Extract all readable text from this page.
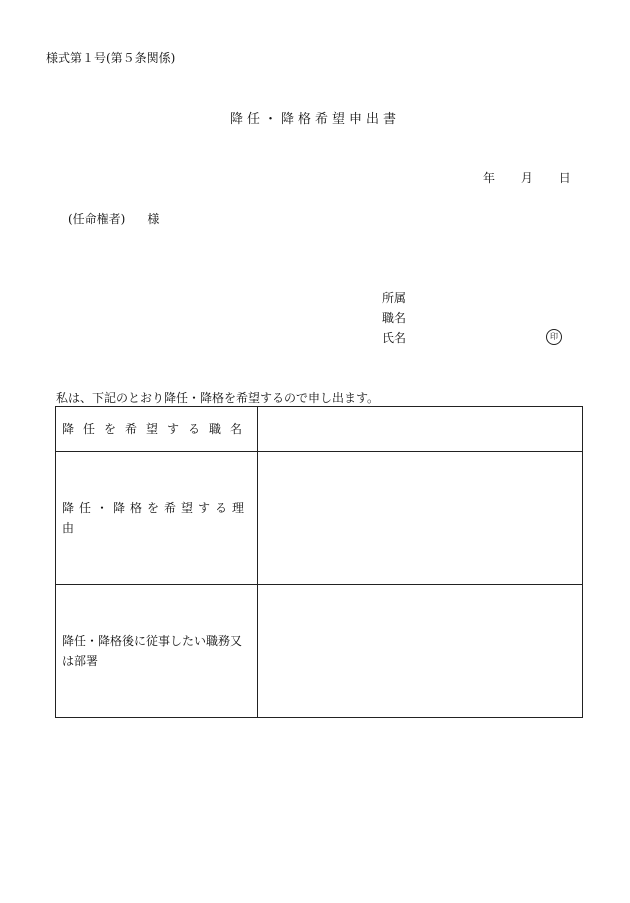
様式第１号(第５条関係)
降任・降格希望申出書
年 月 日
(任命権者) 様
所属
職名
氏名	印
私は、下記のとおり降任・降格を希望するので申し出ます。
降任を希望する職名	
降任・降格を希望する理由	
降任・降格後に従事したい職務又は部署	
